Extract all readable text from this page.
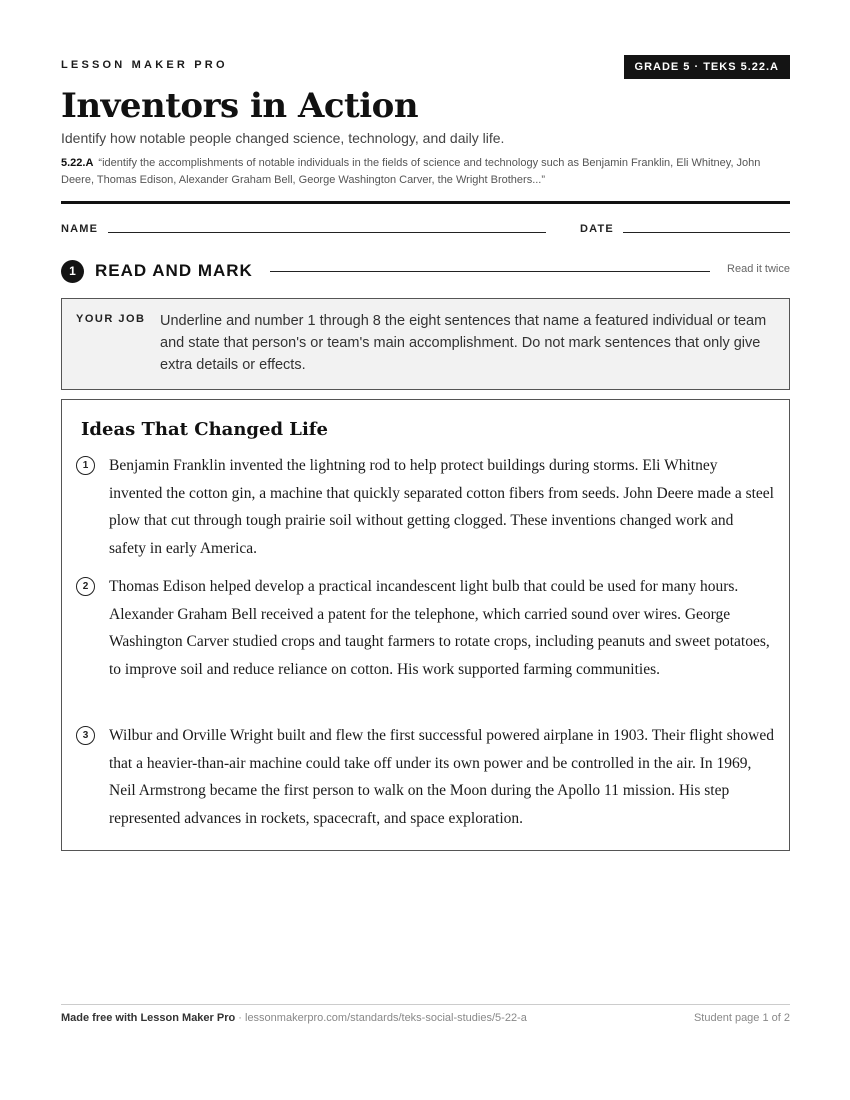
LESSON MAKER PRO	GRADE 5 · TEKS 5.22.A
Inventors in Action
Identify how notable people changed science, technology, and daily life.
5.22.A “identify the accomplishments of notable individuals in the fields of science and technology such as Benjamin Franklin, Eli Whitney, John Deere, Thomas Edison, Alexander Graham Bell, George Washington Carver, the Wright Brothers...”
NAME	DATE
1	READ AND MARK	Read it twice
YOUR JOB Underline and number 1 through 8 the eight sentences that name a featured individual or team and state that person's or team's main accomplishment. Do not mark sentences that only give extra details or effects.
Ideas That Changed Life
1	Benjamin Franklin invented the lightning rod to help protect buildings during storms. Eli Whitney invented the cotton gin, a machine that quickly separated cotton fibers from seeds. John Deere made a steel plow that cut through tough prairie soil without getting clogged. These inventions changed work and safety in early America.
2	Thomas Edison helped develop a practical incandescent light bulb that could be used for many hours. Alexander Graham Bell received a patent for the telephone, which carried sound over wires. George Washington Carver studied crops and taught farmers to rotate crops, including peanuts and sweet potatoes, to improve soil and reduce reliance on cotton. His work supported farming communities.
3	Wilbur and Orville Wright built and flew the first successful powered airplane in 1903. Their flight showed that a heavier-than-air machine could take off under its own power and be controlled in the air. In 1969, Neil Armstrong became the first person to walk on the Moon during the Apollo 11 mission. His step represented advances in rockets, spacecraft, and space exploration.
Made free with Lesson Maker Pro · lessonmakerpro.com/standards/teks-social-studies/5-22-a	Student page 1 of 2
